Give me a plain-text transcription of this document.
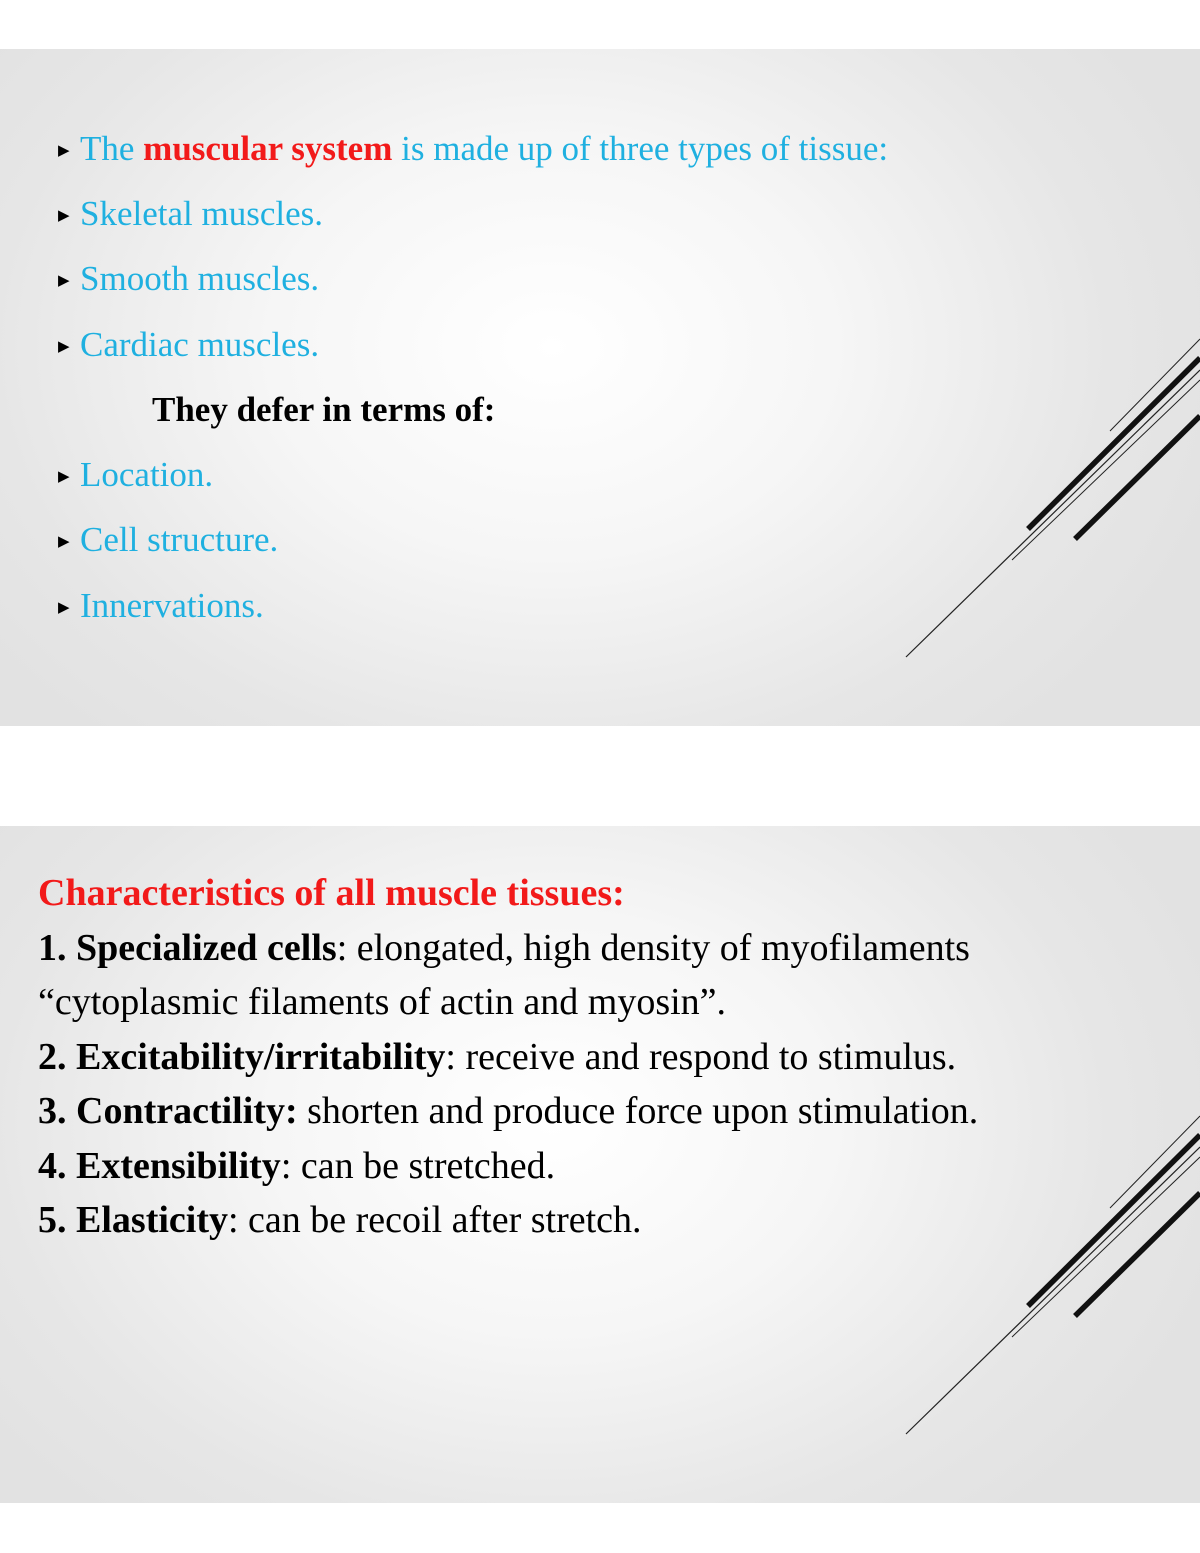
▶ The muscular system is made up of three types of tissue:
▶ Skeletal muscles.
▶ Smooth muscles.
▶ Cardiac muscles.
They defer in terms of:
▶ Location.
▶ Cell structure.
▶ Innervations.
Characteristics of all muscle tissues:
1. Specialized cells: elongated, high density of myofilaments “cytoplasmic filaments of actin and myosin”.
2. Excitability/irritability: receive and respond to stimulus.
3. Contractility: shorten and produce force upon stimulation.
4. Extensibility: can be stretched.
5. Elasticity: can be recoil after stretch.
